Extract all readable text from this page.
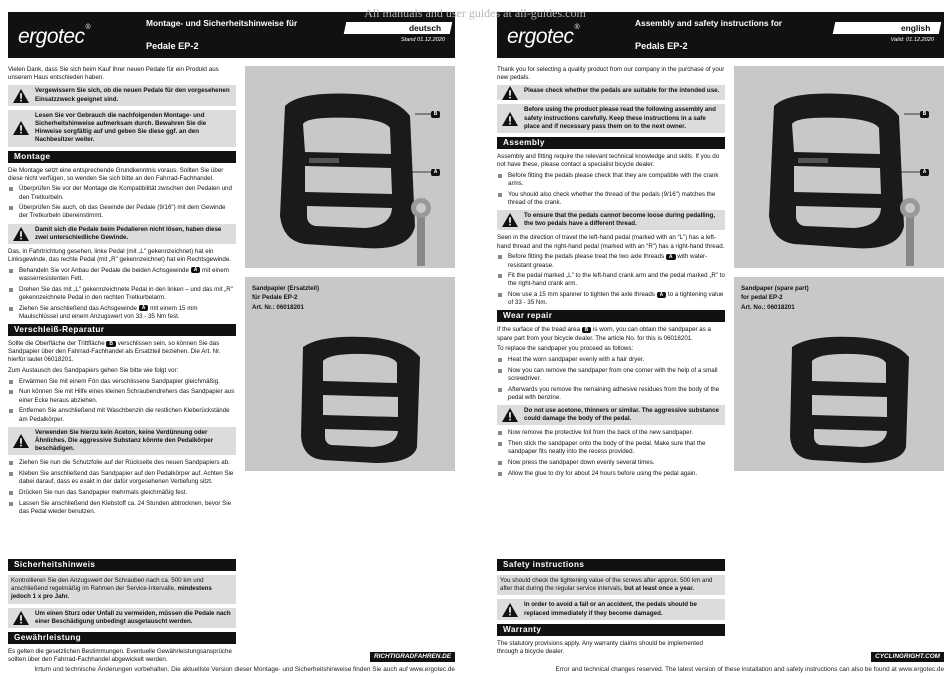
All manuals and user guides at all-guides.com
ergotec®	Montage- und Sicherheitshinweise für
Pedale EP-2
deutsch
Stand 01.12.2020
Vielen Dank, dass Sie sich beim Kauf Ihrer neuen Pedale für ein Produkt aus unserem Haus entschieden haben.
Vergewissern Sie sich, ob die neuen Pedale für den vorgesehenen Einsatzzweck geeignet sind.
Lesen Sie vor Gebrauch die nachfolgenden Montage- und Sicherheitshinweise aufmerksam durch. Bewahren Sie die Hinweise sorgfältig auf und geben Sie diese ggf. an den Nachbesitzer weiter.
Montage
Die Montage setzt eine entsprechende Grundkenntnis voraus. Sollten Sie über diese nicht verfügen, so wenden Sie sich bitte an den Fahrrad-Fachhandel.
Überprüfen Sie vor der Montage die Kompatibilität zwischen den Pedalen und den Tretkurbeln.
Überprüfen Sie auch, ob das Gewinde der Pedale (9/16") mit dem Gewinde der Tretkurbeln übereinstimmt.
Damit sich die Pedale beim Pedalieren nicht lösen, haben diese zwei unterschiedliche Gewinde.
Das, in Fahrtrichtung gesehen, linke Pedal (mit „L" gekennzeichnet) hat ein Linksgewinde, das rechte Pedal (mit „R" gekennzeichnet) hat ein Rechtsgewinde.
Behandeln Sie vor Anbau der Pedale die beiden Achsgewinde A mit einem wasserresistenten Fett.
Drehen Sie das mit „L" gekennzeichnete Pedal in den linken – und das mit „R" gekennzeichnete Pedal in den rechten Tretkurbelarm.
Ziehen Sie anschließend das Achsgewinde A mit einem 15 mm Maulschlüssel und einem Anzugswert von 33 - 35 Nm fest.
Verschleiß-Reparatur
Sollte die Oberfläche der Trittfläche B verschlissen sein, so können Sie das Sandpapier über den Fahrrad-Fachhandel als Ersatzteil beziehen. Die Art. Nr. hierfür lautet 06018201.
Zum Austausch des Sandpapiers gehen Sie bitte wie folgt vor:
Erwärmen Sie mit einem Fön das verschlissene Sandpapier gleichmäßig.
Nun können Sie mit Hilfe eines kleinen Schraubendrehers das Sandpapier aus einer Ecke heraus abziehen.
Entfernen Sie anschließend mit Waschbenzin die restlichen Kleberückstände am Pedalkörper.
Verwenden Sie hierzu kein Aceton, keine Verdünnung oder Ähnliches. Die aggressive Substanz könnte den Pedalkörper beschädigen.
Ziehen Sie nun die Schutzfolie auf der Rückseite des neuen Sandpapiers ab.
Kleben Sie anschließend das Sandpapier auf den Pedalkörper auf. Achten Sie dabei darauf, dass es exakt in der dafür vorgesehenen Vertiefung sitzt.
Drücken Sie nun das Sandpapier mehrmals gleichmäßig fest.
Lassen Sie anschließend den Klebstoff ca. 24 Stunden abtrocknen, bevor Sie das Pedal wieder benutzen.
Sicherheitshinweis
Kontrollieren Sie den Anzugswert der Schrauben nach ca. 500 km und anschließend regelmäßig im Rahmen der Service-Intervalle, mindestens jedoch 1 x pro Jahr.
Um einen Sturz oder Unfall zu vermeiden, müssen die Pedale nach einer Beschädigung unbedingt ausgetauscht werden.
Gewährleistung
Es gelten die gesetzlichen Bestimmungen. Eventuelle Gewährleistungsansprüche sollten über den Fahrrad-Fachhandel abgewickelt werden.
B
A
Sandpapier (Ersatzteil)
für Pedale EP-2
Art. Nr.: 06018201
RICHTIGRADFAHREN.DE
Irrtum und technische Änderungen vorbehalten. Die aktuellste Version dieser Montage- und Sicherheitshinweise finden Sie auch auf www.ergotec.de
ergotec®	Assembly and safety instructions for
Pedals EP-2
english
Valid: 01.12.2020
Thank you for selecting a quality product from our company in the purchase of your new pedals.
Please check whether the pedals are suitable for the intended use.
Before using the product please read the following assembly and safety instructions carefully. Keep these instructions in a safe place and if necessary pass them on to the next owner.
Assembly
Assembly and fitting require the relevant technical knowledge and skills. If you do not have these, please contact a specialist bicycle dealer.
Before fitting the pedals please check that they are compatible with the crank arms.
You should also check whether the thread of the pedals (9/16") matches the thread of the crank.
To ensure that the pedals cannot become loose during pedalling, the two pedals have a different thread.
Seen in the direction of travel the left-hand pedal (marked with an “L”) has a left-hand thread and the right-hand pedal (marked with an “R”) has a right-hand thread.
Before fitting the pedals please treat the two axle threads A with water-resistant grease.
Fit the pedal marked „L" to the left-hand crank arm and the pedal marked „R" to the right-hand crank arm.
Now use a 15 mm spanner to tighten the axle threads A to a tightening value of 33 - 35 Nm.
Wear repair
If the surface of the tread area B is worn, you can obtain the sandpaper as a spare part from your bicycle dealer. The article No. for this is 06018201.
To replace the sandpaper you proceed as follows:
Heat the worn sandpaper evenly with a hair dryer.
Now you can remove the sandpaper from one corner with the help of a small screwdriver.
Afterwards you remove the remaining adhesive residues from the body of the pedal with benzine.
Do not use acetone, thinners or similar. The aggressive substance could damage the body of the pedal.
Now remove the protective foil from the back of the new sandpaper.
Then stick the sandpaper onto the body of the pedal. Make sure that the sandpaper fits neatly into the recess provided.
Now press the sandpaper down evenly several times.
Allow the glue to dry for about 24 hours before using the pedal again.
Safety instructions
You should check the tightening value of the screws after approx. 500 km and after that during the regular service intervals, but at least once a year.
In order to avoid a fall or an accident, the pedals should be replaced immediately if they become damaged.
Warranty
The statutory provisions apply. Any warranty claims should be implemented through a bicycle dealer.
B
A
Sandpaper (spare part)
for pedal EP-2
Art. No.: 06018201
CYCLINGRIGHT.COM
Error and technical changes reserved. The latest version of these installation and safety instructions can also be found at www.ergotec.de
